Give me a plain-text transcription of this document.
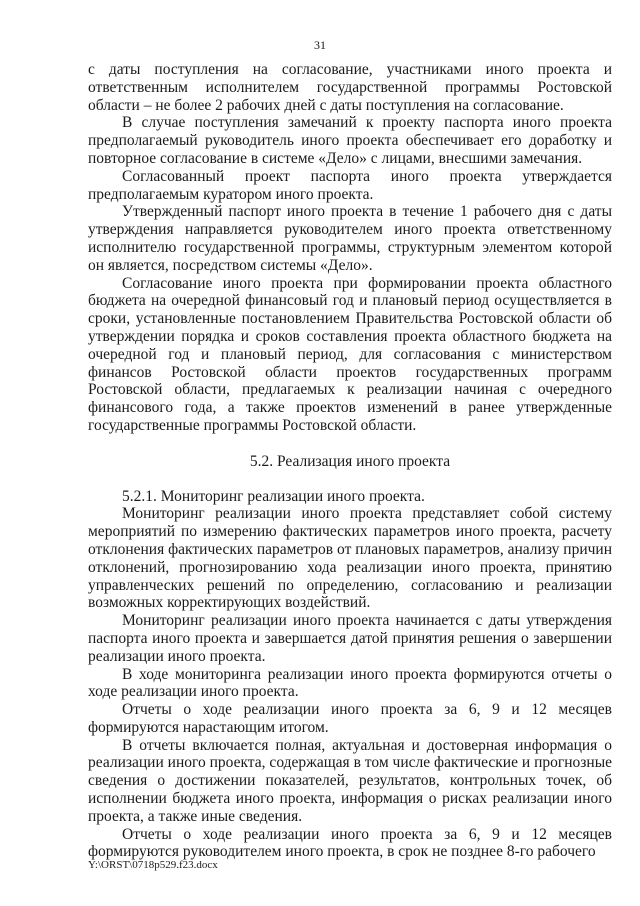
31

с даты поступления на согласование, участниками иного проекта и ответственным исполнителем государственной программы Ростовской области – не более 2 рабочих дней с даты поступления на согласование.

В случае поступления замечаний к проекту паспорта иного проекта предполагаемый руководитель иного проекта обеспечивает его доработку и повторное согласование в системе «Дело» с лицами, внесшими замечания.

Согласованный проект паспорта иного проекта утверждается предполагаемым куратором иного проекта.

Утвержденный паспорт иного проекта в течение 1 рабочего дня с даты утверждения направляется руководителем иного проекта ответственному исполнителю государственной программы, структурным элементом которой он является, посредством системы «Дело».

Согласование иного проекта при формировании проекта областного бюджета на очередной финансовый год и плановый период осуществляется в сроки, установленные постановлением Правительства Ростовской области об утверждении порядка и сроков составления проекта областного бюджета на очередной год и плановый период, для согласования с министерством финансов Ростовской области проектов государственных программ Ростовской области, предлагаемых к реализации начиная с очередного финансового года, а также проектов изменений в ранее утвержденные государственные программы Ростовской области.

5.2. Реализация иного проекта

5.2.1. Мониторинг реализации иного проекта.

Мониторинг реализации иного проекта представляет собой систему мероприятий по измерению фактических параметров иного проекта, расчету отклонения фактических параметров от плановых параметров, анализу причин отклонений, прогнозированию хода реализации иного проекта, принятию управленческих решений по определению, согласованию и реализации возможных корректирующих воздействий.

Мониторинг реализации иного проекта начинается с даты утверждения паспорта иного проекта и завершается датой принятия решения о завершении реализации иного проекта.

В ходе мониторинга реализации иного проекта формируются отчеты о ходе реализации иного проекта.

Отчеты о ходе реализации иного проекта за 6, 9 и 12 месяцев формируются нарастающим итогом.

В отчеты включается полная, актуальная и достоверная информация о реализации иного проекта, содержащая в том числе фактические и прогнозные сведения о достижении показателей, результатов, контрольных точек, об исполнении бюджета иного проекта, информация о рисках реализации иного проекта, а также иные сведения.

Отчеты о ходе реализации иного проекта за 6, 9 и 12 месяцев формируются руководителем иного проекта, в срок не позднее 8-го рабочего

Y:\ORST\0718p529.f23.docx
